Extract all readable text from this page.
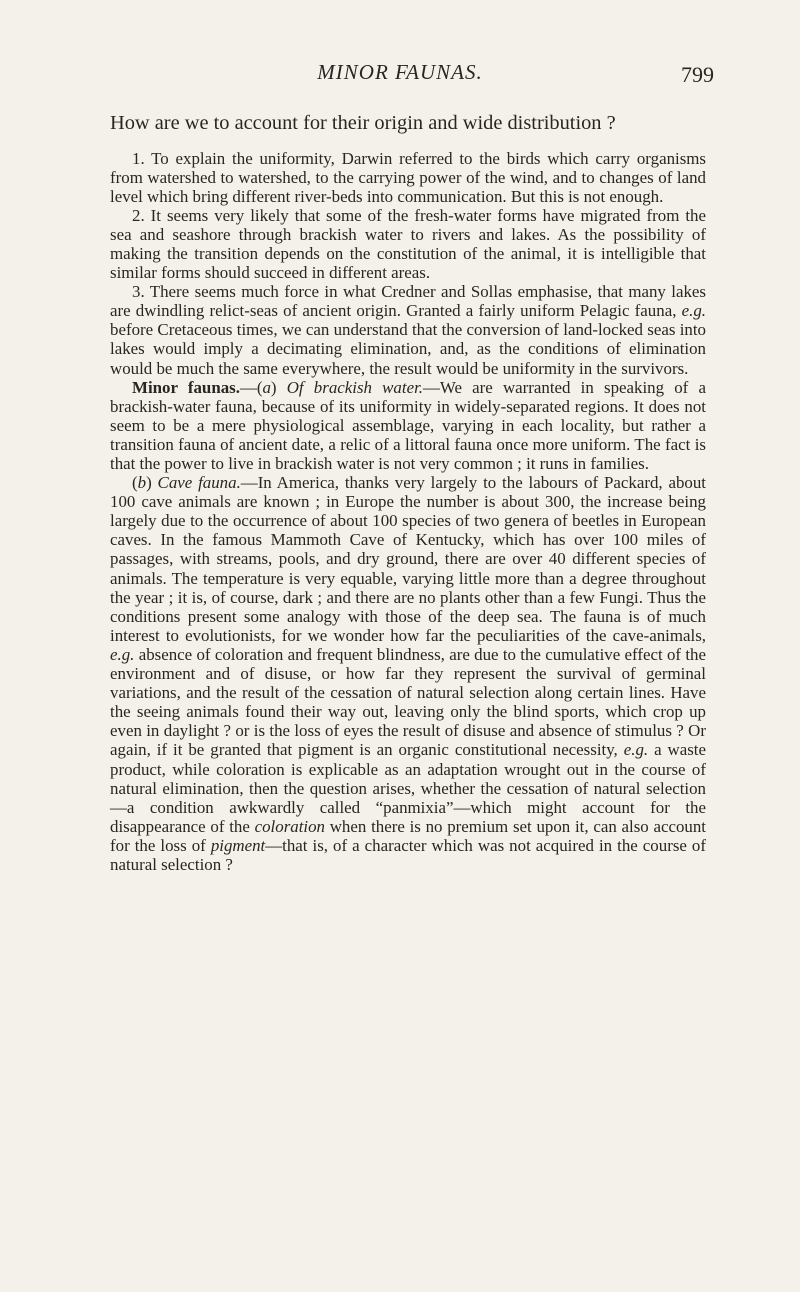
MINOR FAUNAS.	799

How are we to account for their origin and wide distribution ?

1. To explain the uniformity, Darwin referred to the birds which carry organisms from watershed to watershed, to the carrying power of the wind, and to changes of land level which bring different river-beds into communication. But this is not enough.

2. It seems very likely that some of the fresh-water forms have migrated from the sea and seashore through brackish water to rivers and lakes. As the possibility of making the transition depends on the constitution of the animal, it is intelligible that similar forms should succeed in different areas.

3. There seems much force in what Credner and Sollas emphasise, that many lakes are dwindling relict-seas of ancient origin. Granted a fairly uniform Pelagic fauna, e.g. before Cretaceous times, we can understand that the conversion of land-locked seas into lakes would imply a decimating elimination, and, as the conditions of elimination would be much the same everywhere, the result would be uniformity in the survivors.

Minor faunas.—(a) Of brackish water.—We are warranted in speaking of a brackish-water fauna, because of its uniformity in widely-separated regions. It does not seem to be a mere physiological assemblage, varying in each locality, but rather a transition fauna of ancient date, a relic of a littoral fauna once more uniform. The fact is that the power to live in brackish water is not very common ; it runs in families.

(b) Cave fauna.—In America, thanks very largely to the labours of Packard, about 100 cave animals are known ; in Europe the number is about 300, the increase being largely due to the occurrence of about 100 species of two genera of beetles in European caves. In the famous Mammoth Cave of Kentucky, which has over 100 miles of passages, with streams, pools, and dry ground, there are over 40 different species of animals. The temperature is very equable, varying little more than a degree throughout the year ; it is, of course, dark ; and there are no plants other than a few Fungi. Thus the conditions present some analogy with those of the deep sea. The fauna is of much interest to evolutionists, for we wonder how far the peculiarities of the cave-animals, e.g. absence of coloration and frequent blindness, are due to the cumulative effect of the environment and of disuse, or how far they represent the survival of germinal variations, and the result of the cessation of natural selection along certain lines. Have the seeing animals found their way out, leaving only the blind sports, which crop up even in daylight ? or is the loss of eyes the result of disuse and absence of stimulus ? Or again, if it be granted that pigment is an organic constitutional necessity, e.g. a waste product, while coloration is explicable as an adaptation wrought out in the course of natural elimination, then the question arises, whether the cessation of natural selection—a condition awkwardly called “panmixia”—which might account for the disappearance of the coloration when there is no premium set upon it, can also account for the loss of pigment—that is, of a character which was not acquired in the course of natural selection ?
